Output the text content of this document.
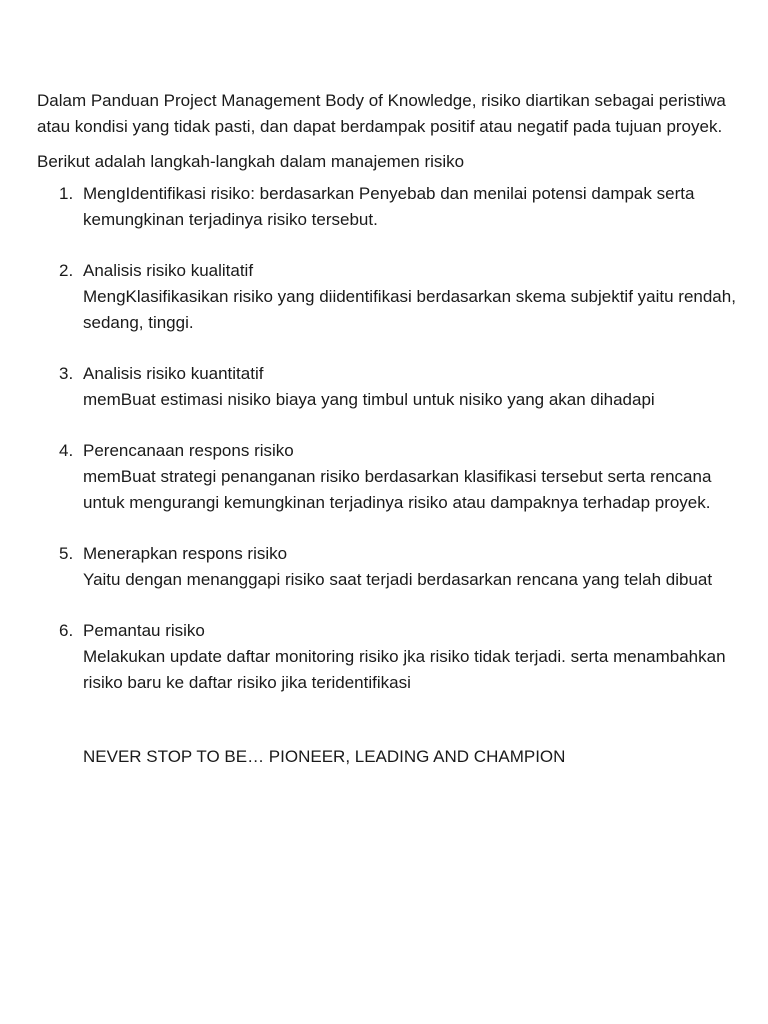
Dalam Panduan Project Management Body of Knowledge, risiko diartikan sebagai peristiwa atau kondisi yang tidak pasti, dan dapat berdampak positif atau negatif pada tujuan proyek.

Berikut adalah langkah-langkah dalam manajemen risiko

1. MengIdentifikasi risiko: berdasarkan Penyebab dan menilai potensi dampak serta kemungkinan terjadinya risiko tersebut.
2. Analisis risiko kualitatif
MengKlasifikasikan risiko yang diidentifikasi berdasarkan skema subjektif yaitu rendah, sedang, tinggi.
3. Analisis risiko kuantitatif
memBuat estimasi nisiko biaya yang timbul untuk nisiko yang akan dihadapi
4. Perencanaan respons risiko
memBuat strategi penanganan risiko berdasarkan klasifikasi tersebut serta rencana untuk mengurangi kemungkinan terjadinya risiko atau dampaknya terhadap proyek.
5. Menerapkan respons risiko
Yaitu dengan menanggapi risiko saat terjadi berdasarkan rencana yang telah dibuat
6. Pemantau risiko
Melakukan update daftar monitoring risiko jka risiko tidak terjadi. serta menambahkan risiko baru ke daftar risiko jika teridentifikasi

NEVER STOP TO BE… PIONEER, LEADING AND CHAMPION
